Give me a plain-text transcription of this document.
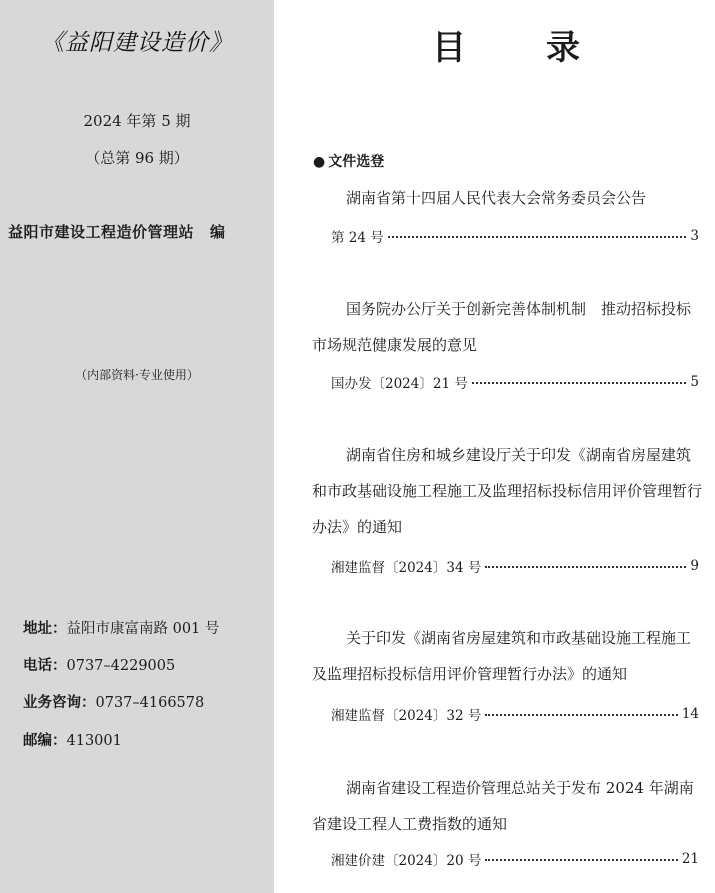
《益阳建设造价》
2024 年第 5 期
（总第 96 期）
益阳市建设工程造价管理站 编
（内部资料·专业使用）
地址：益阳市康富南路 001 号
电话：0737–4229005
业务咨询：0737–4166578
邮编：413001
目 录
● 文件选登
湖南省第十四届人民代表大会常务委员会公告
第 24 号	3
国务院办公厅关于创新完善体制机制　推动招标投标市场规范健康发展的意见
国办发〔2024〕21 号	5
湖南省住房和城乡建设厅关于印发《湖南省房屋建筑和市政基础设施工程施工及监理招标投标信用评价管理暂行办法》的通知
湘建监督〔2024〕34 号	9
关于印发《湖南省房屋建筑和市政基础设施工程施工及监理招标投标信用评价管理暂行办法》的通知
湘建监督〔2024〕32 号	14
湖南省建设工程造价管理总站关于发布 2024 年湖南省建设工程人工费指数的通知
湘建价建〔2024〕20 号	21
